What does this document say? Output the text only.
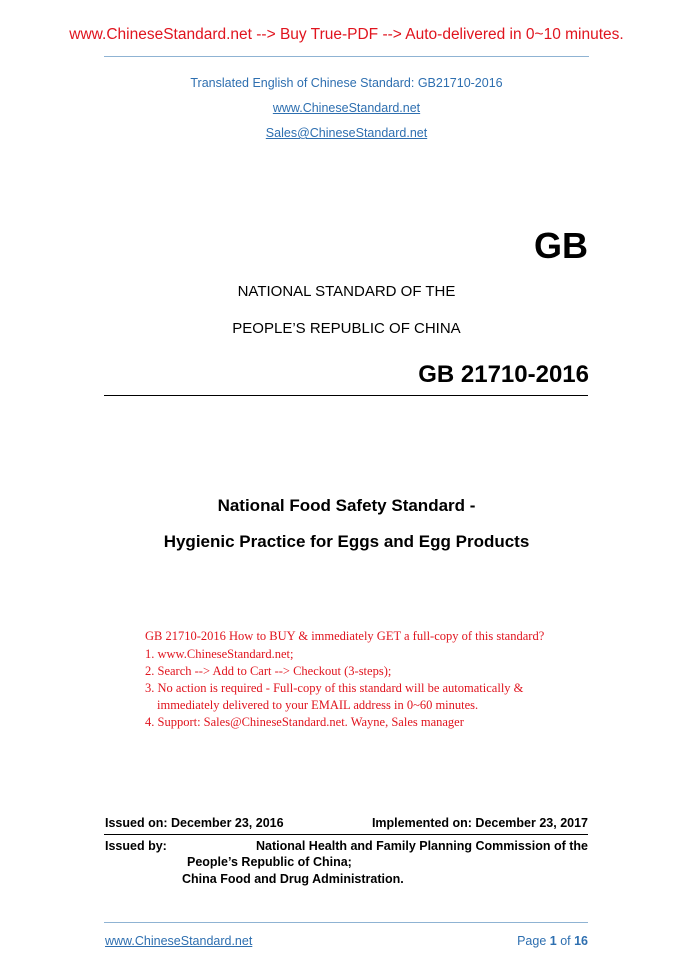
www.ChineseStandard.net --> Buy True-PDF --> Auto-delivered in 0~10 minutes.
Translated English of Chinese Standard: GB21710-2016
www.ChineseStandard.net
Sales@ChineseStandard.net
GB
NATIONAL STANDARD OF THE
PEOPLE’S REPUBLIC OF CHINA
GB 21710-2016
National Food Safety Standard -
Hygienic Practice for Eggs and Egg Products
GB 21710-2016 How to BUY & immediately GET a full-copy of this standard?
1. www.ChineseStandard.net;
2. Search --> Add to Cart --> Checkout (3-steps);
3. No action is required - Full-copy of this standard will be automatically &
immediately delivered to your EMAIL address in 0~60 minutes.
4. Support: Sales@ChineseStandard.net. Wayne, Sales manager
Issued on: December 23, 2016	Implemented on: December 23, 2017
Issued by:	National Health and Family Planning Commission of the
People’s Republic of China;
China Food and Drug Administration.
www.ChineseStandard.net	Page 1 of 16
